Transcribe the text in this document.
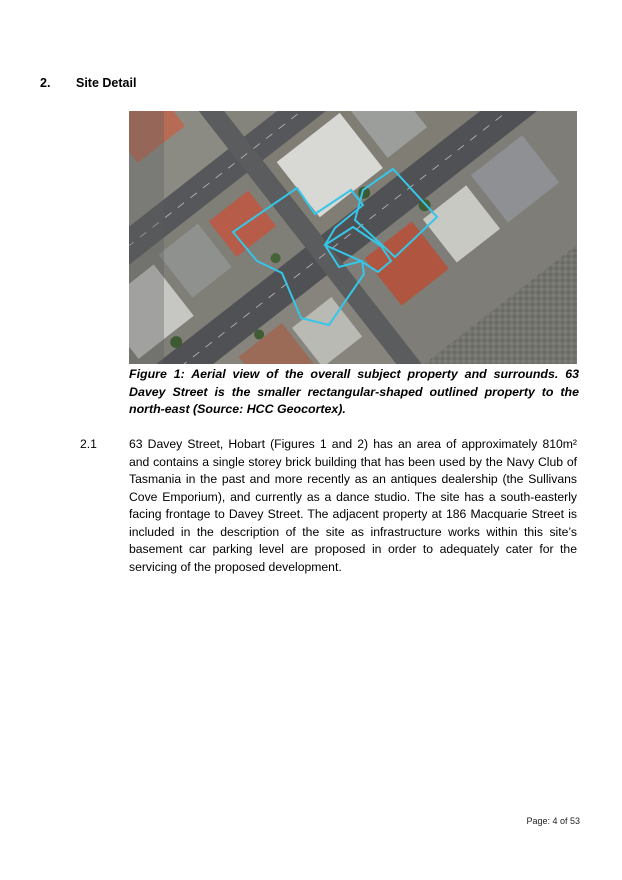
2. Site Detail
Figure 1: Aerial view of the overall subject property and surrounds. 63 Davey Street is the smaller rectangular-shaped outlined property to the north-east (Source: HCC Geocortex).
2.1	63 Davey Street, Hobart (Figures 1 and 2) has an area of approximately 810m² and contains a single storey brick building that has been used by the Navy Club of Tasmania in the past and more recently as an antiques dealership (the Sullivans Cove Emporium), and currently as a dance studio. The site has a south-easterly facing frontage to Davey Street. The adjacent property at 186 Macquarie Street is included in the description of the site as infrastructure works within this site’s basement car parking level are proposed in order to adequately cater for the servicing of the proposed development.
Page: 4 of 53
